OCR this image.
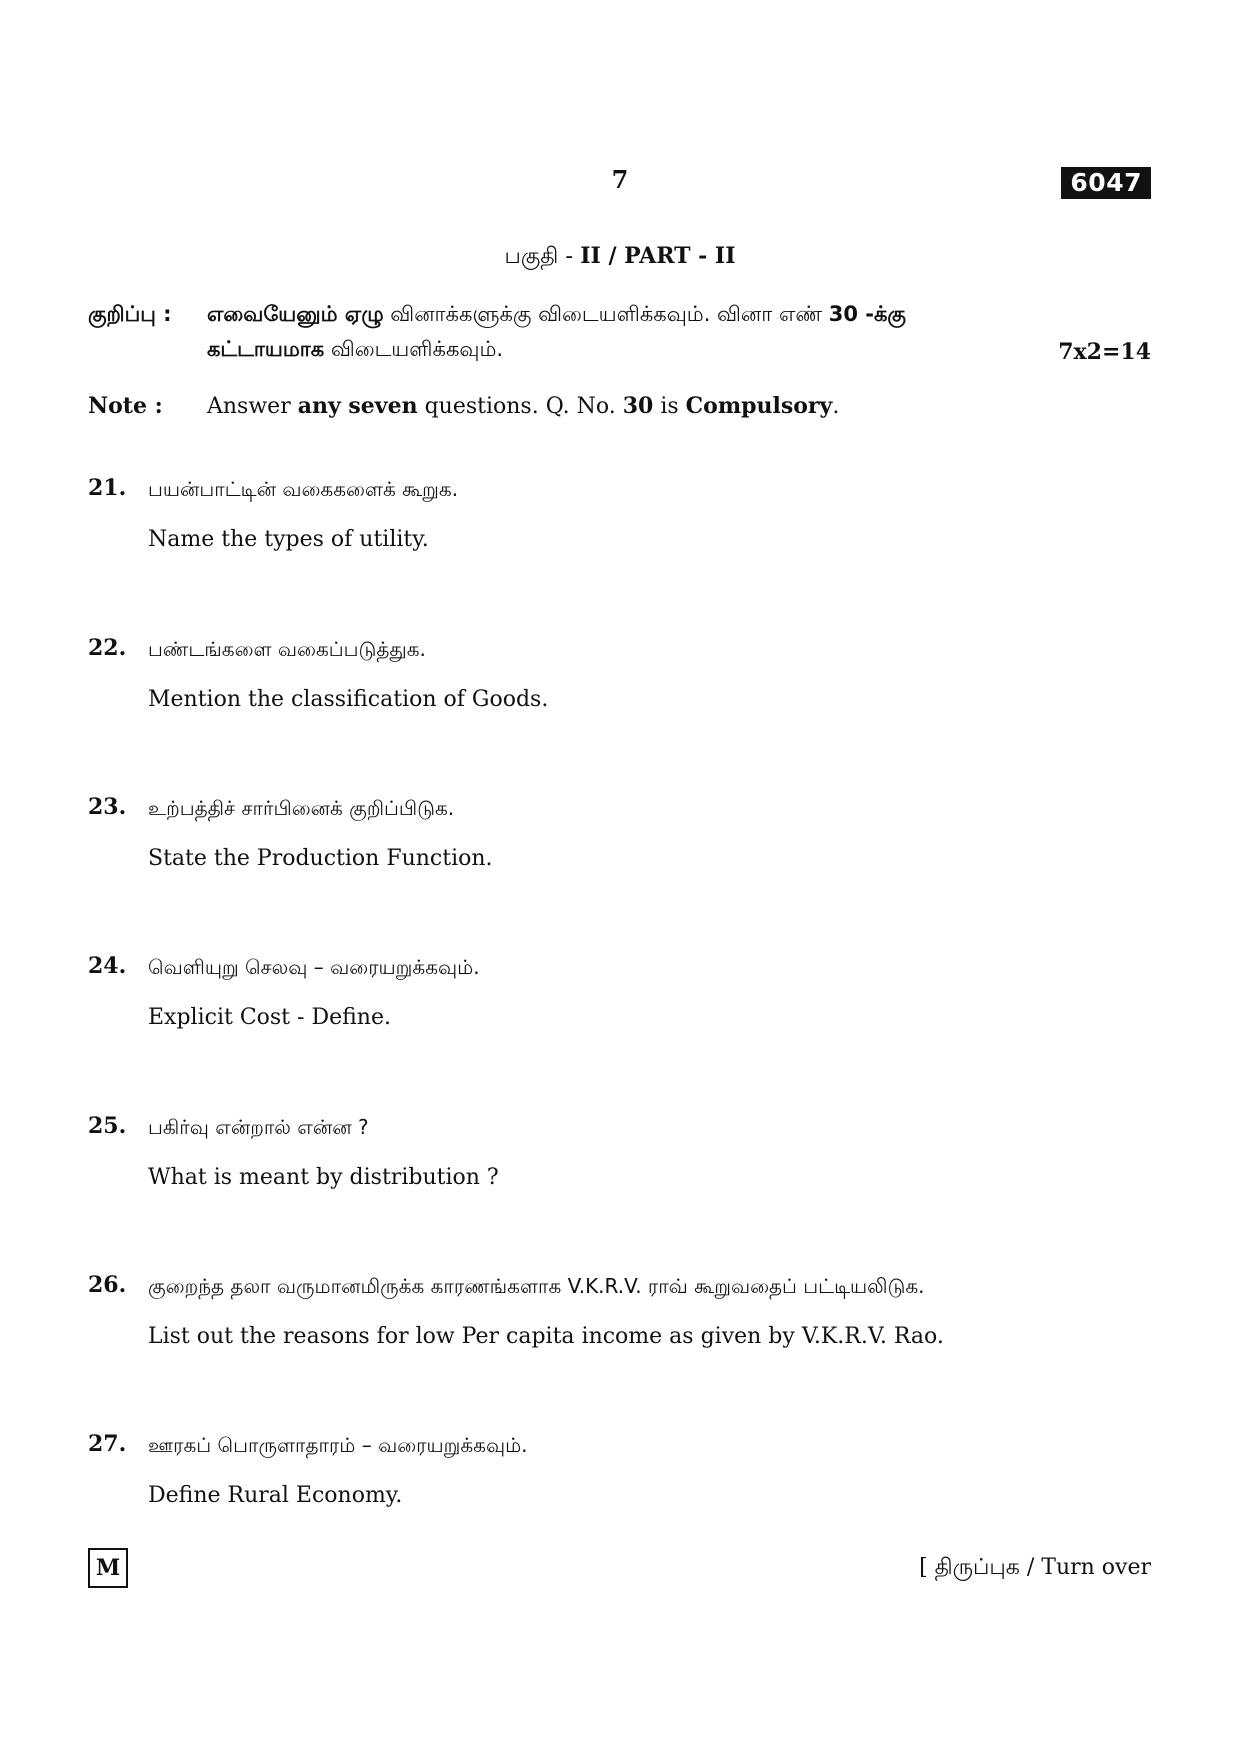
7	6047
பகுதி - II / PART - II
குறிப்பு : எவையேனும் ஏழு வினாக்களுக்கு விடையளிக்கவும். வினா எண் 30 -க்கு
கட்டாயமாக விடையளிக்கவும்.	7x2=14
Note : Answer any seven questions. Q. No. 30 is Compulsory.
21. பயன்பாட்டின் வகைகளைக் கூறுக.
Name the types of utility.
22. பண்டங்களை வகைப்படுத்துக.
Mention the classification of Goods.
23. உற்பத்திச் சார்பினைக் குறிப்பிடுக.
State the Production Function.
24. வெளியுறு செலவு – வரையறுக்கவும்.
Explicit Cost - Define.
25. பகிர்வு என்றால் என்ன ?
What is meant by distribution ?
26. குறைந்த தலா வருமானமிருக்க காரணங்களாக V.K.R.V. ராவ் கூறுவதைப் பட்டியலிடுக.
List out the reasons for low Per capita income as given by V.K.R.V. Rao.
27. ஊரகப் பொருளாதாரம் – வரையறுக்கவும்.
Define Rural Economy.
M	[ திருப்புக / Turn over
